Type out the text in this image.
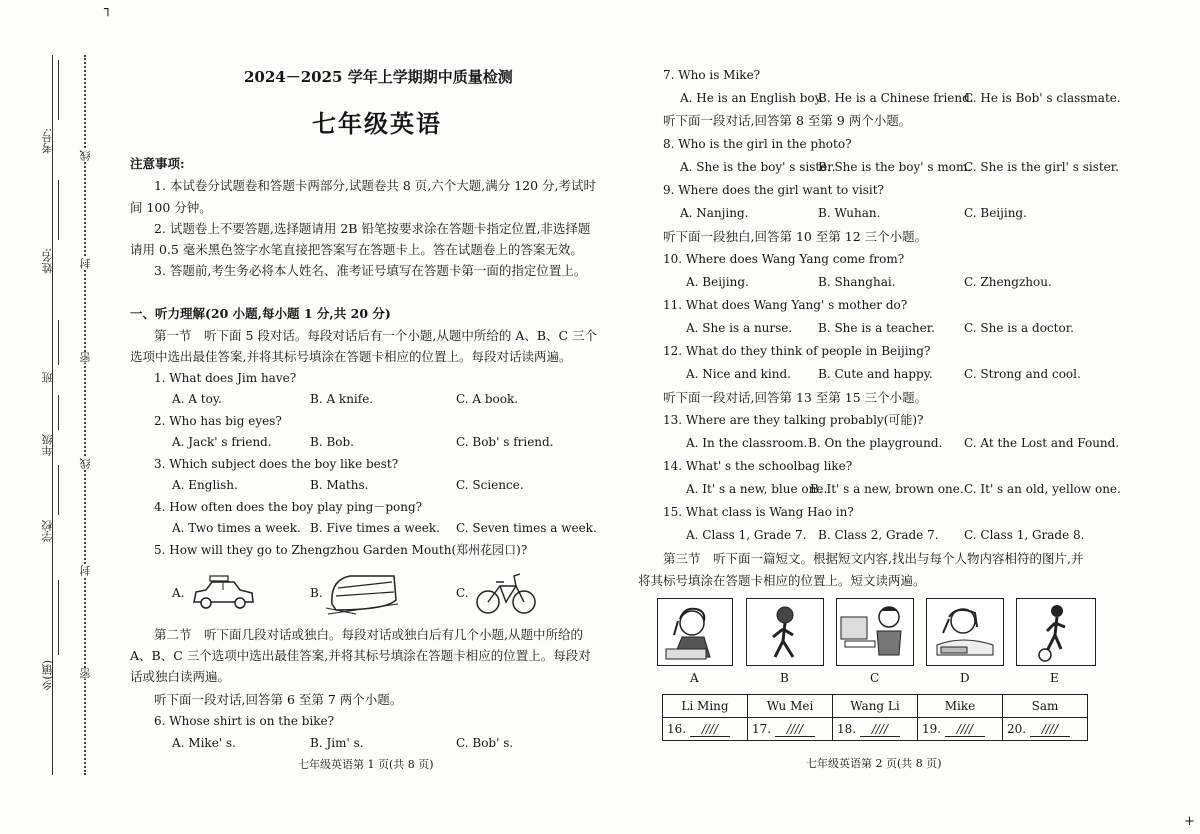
考号:
姓名:
班
年级
学校
乡(镇)
线
封
密
线
封
密
┐
+
2024－2025 学年上学期期中质量检测
七年级英语
注意事项:
1. 本试卷分试题卷和答题卡两部分,试题卷共 8 页,六个大题,满分 120 分,考试时
间 100 分钟。
2. 试题卷上不要答题,选择题请用 2B 铅笔按要求涂在答题卡指定位置,非选择题
请用 0.5 毫米黑色签字水笔直接把答案写在答题卡上。答在试题卷上的答案无效。
3. 答题前,考生务必将本人姓名、准考证号填写在答题卡第一面的指定位置上。
一、听力理解(20 小题,每小题 1 分,共 20 分)
第一节　听下面 5 段对话。每段对话后有一个小题,从题中所给的 A、B、C 三个
选项中选出最佳答案,并将其标号填涂在答题卡相应的位置上。每段对话读两遍。
1. What does Jim have?
A. A toy.	B. A knife.	C. A book.
2. Who has big eyes?
A. Jack' s friend.	B. Bob.	C. Bob' s friend.
3. Which subject does the boy like best?
A. English.	B. Maths.	C. Science.
4. How often does the boy play ping－pong?
A. Two times a week. B. Five times a week. C. Seven times a week.
5. How will they go to Zhengzhou Garden Mouth(郑州花园口)?
A.	B.	C.
第二节　听下面几段对话或独白。每段对话或独白后有几个小题,从题中所给的
A、B、C 三个选项中选出最佳答案,并将其标号填涂在答题卡相应的位置上。每段对
话或独白读两遍。
听下面一段对话,回答第 6 至第 7 两个小题。
6. Whose shirt is on the bike?
A. Mike' s.	B. Jim' s.	C. Bob' s.
七年级英语第 1 页(共 8 页)
7. Who is Mike?
A. He is an English boy.
B. He is a Chinese friend.
C. He is Bob' s classmate.
听下面一段对话,回答第 8 至第 9 两个小题。
8. Who is the girl in the photo?
A. She is the boy' s sister.
B. She is the boy' s mom.
C. She is the girl' s sister.
9. Where does the girl want to visit?
A. Nanjing.	B. Wuhan.	C. Beijing.
听下面一段独白,回答第 10 至第 12 三个小题。
10. Where does Wang Yang come from?
A. Beijing.	B. Shanghai.	C. Zhengzhou.
11. What does Wang Yang' s mother do?
A. She is a nurse. B. She is a teacher. C. She is a doctor.
12. What do they think of people in Beijing?
A. Nice and kind. B. Cute and happy.	C. Strong and cool.
听下面一段对话,回答第 13 至第 15 三个小题。
13. Where are they talking probably(可能)?
A. In the classroom. B. On the playground. C. At the Lost and Found.
14. What' s the schoolbag like?
A. It' s a new, blue one.
B. It' s a new, brown one. C. It' s an old, yellow one.
15. What class is Wang Hao in?
A. Class 1, Grade 7. B. Class 2, Grade 7. C. Class 1, Grade 8.
第三节　听下面一篇短文。根据短文内容,找出与每个人物内容相符的图片,并
将其标号填涂在答题卡相应的位置上。短文读两遍。
A	B	C	D	E
Li Ming	Wu Mei	Wang Li	Mike	Sam
16. ////	17. ////	18. ////	19. ////	20. ////
七年级英语第 2 页(共 8 页)
